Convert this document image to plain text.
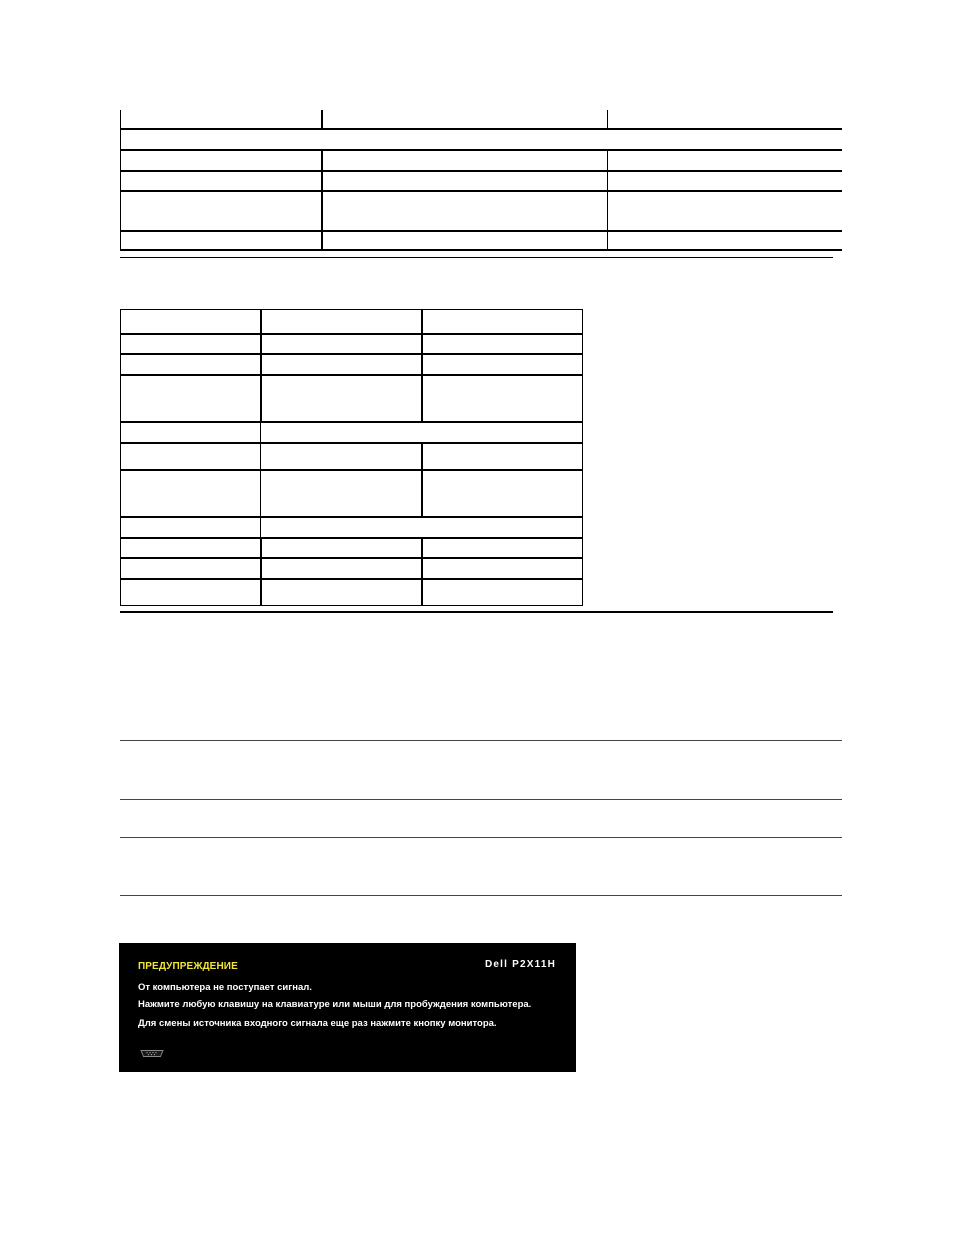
ПРЕДУПРЕЖДЕНИЕ	Dell P2X11H
От компьютера не поступает сигнал.
Нажмите любую клавишу на клавиатуре или мыши для пробуждения компьютера.
Для смены источника входного сигнала еще раз нажмите кнопку монитора.
